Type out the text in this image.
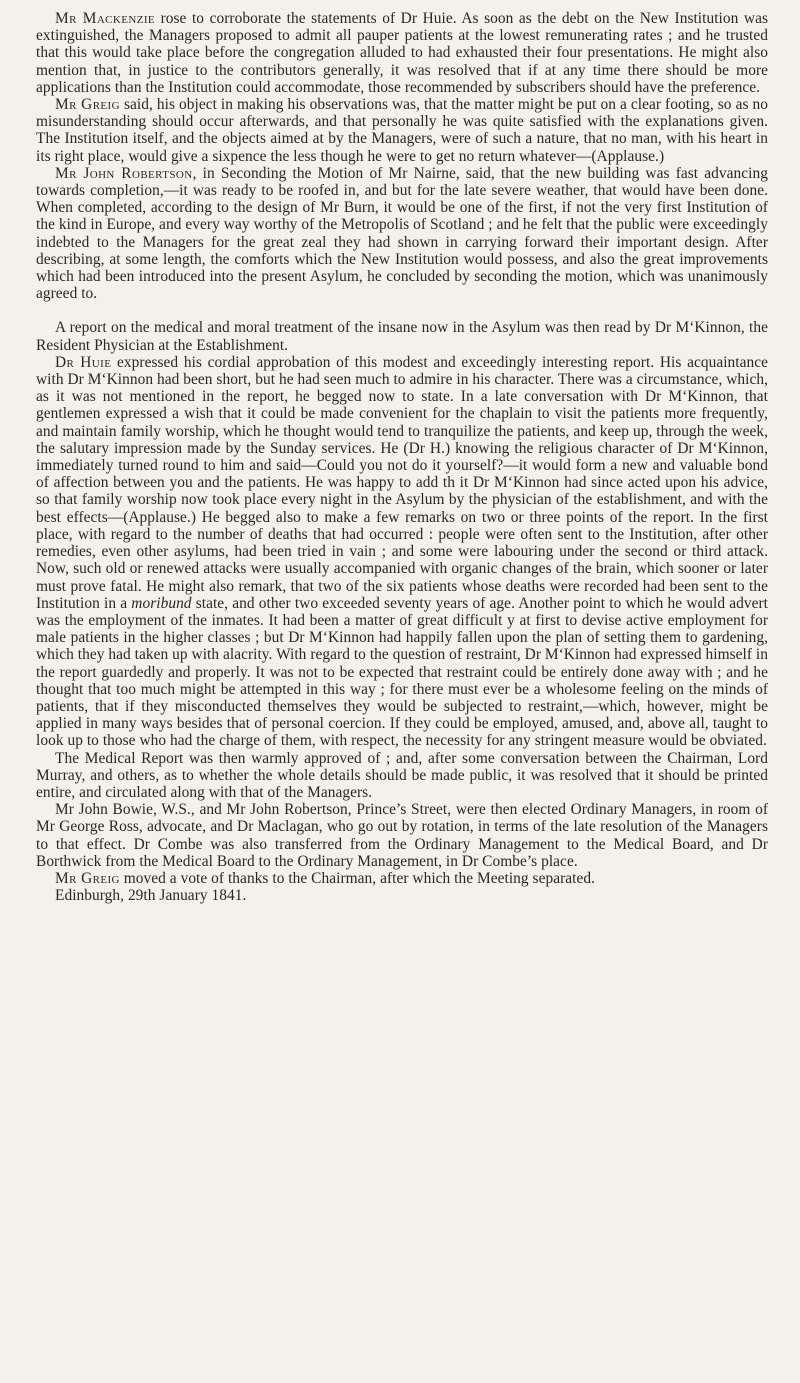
Mr Mackenzie rose to corroborate the statements of Dr Huie. As soon as the debt on the New Institution was extinguished, the Managers proposed to admit all pauper patients at the lowest remunerating rates ; and he trusted that this would take place before the congregation alluded to had exhausted their four presentations. He might also mention that, in justice to the contributors generally, it was resolved that if at any time there should be more applications than the Institution could accommodate, those recommended by subscribers should have the preference.

Mr Greig said, his object in making his observations was, that the matter might be put on a clear footing, so as no misunderstanding should occur afterwards, and that personally he was quite satisfied with the explanations given. The Institution itself, and the objects aimed at by the Managers, were of such a nature, that no man, with his heart in its right place, would give a sixpence the less though he were to get no return whatever—(Applause.)

Mr John Robertson, in Seconding the Motion of Mr Nairne, said, that the new building was fast advancing towards completion,—it was ready to be roofed in, and but for the late severe weather, that would have been done. When completed, according to the design of Mr Burn, it would be one of the first, if not the very first Institution of the kind in Europe, and every way worthy of the Metropolis of Scotland ; and he felt that the public were exceedingly indebted to the Managers for the great zeal they had shown in carrying forward their important design. After describing, at some length, the comforts which the New Institution would possess, and also the great improvements which had been introduced into the present Asylum, he concluded by seconding the motion, which was unanimously agreed to.

A report on the medical and moral treatment of the insane now in the Asylum was then read by Dr M‘Kinnon, the Resident Physician at the Establishment.

Dr Huie expressed his cordial approbation of this modest and exceedingly interesting report. His acquaintance with Dr M‘Kinnon had been short, but he had seen much to admire in his character. There was a circumstance, which, as it was not mentioned in the report, he begged now to state. In a late conversation with Dr M‘Kinnon, that gentlemen expressed a wish that it could be made convenient for the chaplain to visit the patients more frequently, and maintain family worship, which he thought would tend to tranquilize the patients, and keep up, through the week, the salutary impression made by the Sunday services. He (Dr H.) knowing the religious character of Dr M‘Kinnon, immediately turned round to him and said—Could you not do it yourself?—it would form a new and valuable bond of affection between you and the patients. He was happy to add th it Dr M‘Kinnon had since acted upon his advice, so that family worship now took place every night in the Asylum by the physician of the establishment, and with the best effects—(Applause.) He begged also to make a few remarks on two or three points of the report. In the first place, with regard to the number of deaths that had occurred : people were often sent to the Institution, after other remedies, even other asylums, had been tried in vain ; and some were labouring under the second or third attack. Now, such old or renewed attacks were usually accompanied with organic changes of the brain, which sooner or later must prove fatal. He might also remark, that two of the six patients whose deaths were recorded had been sent to the Institution in a moribund state, and other two exceeded seventy years of age. Another point to which he would advert was the employment of the inmates. It had been a matter of great difficult y at first to devise active employment for male patients in the higher classes ; but Dr M‘Kinnon had happily fallen upon the plan of setting them to gardening, which they had taken up with alacrity. With regard to the question of restraint, Dr M‘Kinnon had expressed himself in the report guardedly and properly. It was not to be expected that restraint could be entirely done away with ; and he thought that too much might be attempted in this way ; for there must ever be a wholesome feeling on the minds of patients, that if they misconducted themselves they would be subjected to restraint,—which, however, might be applied in many ways besides that of personal coercion. If they could be employed, amused, and, above all, taught to look up to those who had the charge of them, with respect, the necessity for any stringent measure would be obviated.

The Medical Report was then warmly approved of ; and, after some conversation between the Chairman, Lord Murray, and others, as to whether the whole details should be made public, it was resolved that it should be printed entire, and circulated along with that of the Managers.

Mr John Bowie, W.S., and Mr John Robertson, Prince’s Street, were then elected Ordinary Managers, in room of Mr George Ross, advocate, and Dr Maclagan, who go out by rotation, in terms of the late resolution of the Managers to that effect. Dr Combe was also transferred from the Ordinary Management to the Medical Board, and Dr Borthwick from the Medical Board to the Ordinary Management, in Dr Combe’s place.

Mr Greig moved a vote of thanks to the Chairman, after which the Meeting separated.

Edinburgh, 29th January 1841.
